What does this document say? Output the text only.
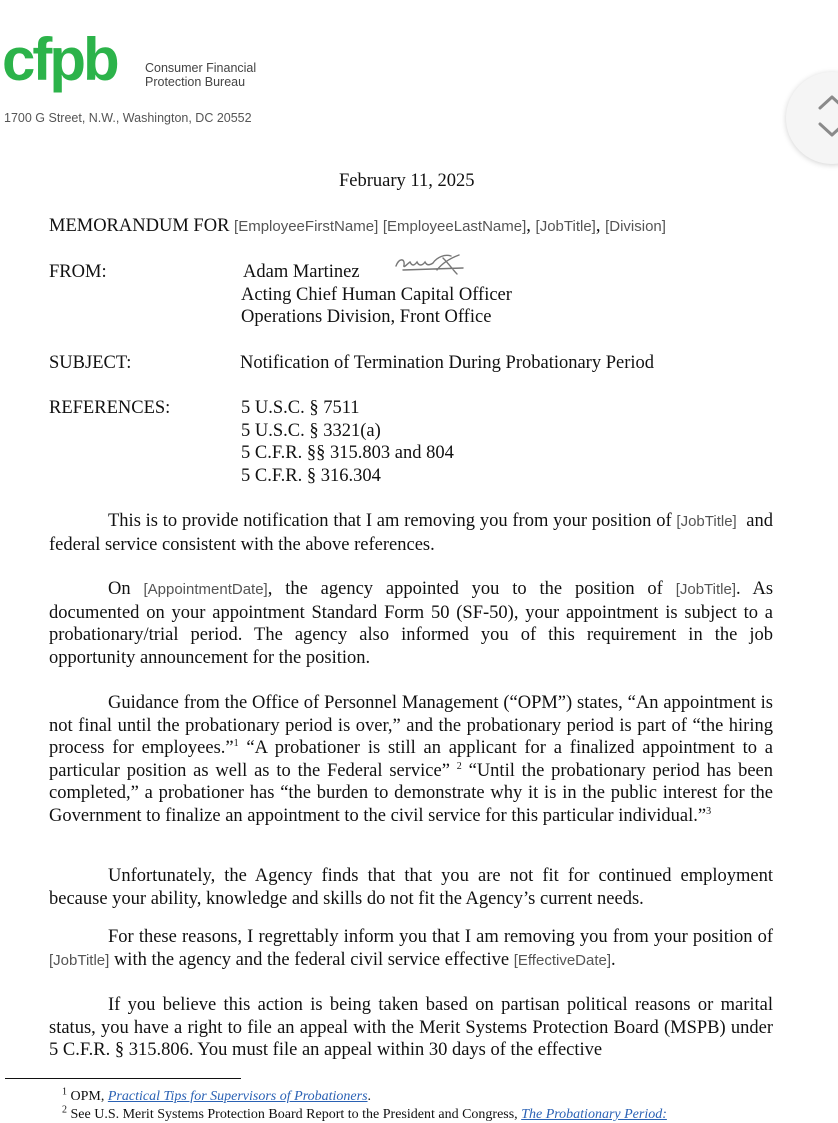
cfpb Consumer Financial
Protection Bureau
1700 G Street, N.W., Washington, DC 20552
February 11, 2025
MEMORANDUM FOR [EmployeeFirstName] [EmployeeLastName], [JobTitle], [Division]
FROM:	Adam Martinez
Acting Chief Human Capital Officer
Operations Division, Front Office
SUBJECT:	Notification of Termination During Probationary Period
REFERENCES:	5 U.S.C. § 7511
5 U.S.C. § 3321(a)
5 C.F.R. §§ 315.803 and 804
5 C.F.R. § 316.304
This is to provide notification that I am removing you from your position of [JobTitle] and federal service consistent with the above references.
On [AppointmentDate], the agency appointed you to the position of [JobTitle]. As documented on your appointment Standard Form 50 (SF-50), your appointment is subject to a probationary/trial period. The agency also informed you of this requirement in the job opportunity announcement for the position.
Guidance from the Office of Personnel Management (“OPM”) states, “An appointment is not final until the probationary period is over,” and the probationary period is part of “the hiring process for employees.”$^1$ “A probationer is still an applicant for a finalized appointment to a particular position as well as to the Federal service” $^2$ “Until the probationary period has been completed,” a probationer has “the burden to demonstrate why it is in the public interest for the Government to finalize an appointment to the civil service for this particular individual.”$^3$
Unfortunately, the Agency finds that that you are not fit for continued employment because your ability, knowledge and skills do not fit the Agency’s current needs.
For these reasons, I regrettably inform you that I am removing you from your position of [JobTitle] with the agency and the federal civil service effective [EffectiveDate].
If you believe this action is being taken based on partisan political reasons or marital status, you have a right to file an appeal with the Merit Systems Protection Board (MSPB) under 5 C.F.R. § 315.806. You must file an appeal within 30 days of the effective
$^1$ OPM, Practical Tips for Supervisors of Probationers.
$^2$ See U.S. Merit Systems Protection Board Report to the President and Congress, The Probationary Period:
